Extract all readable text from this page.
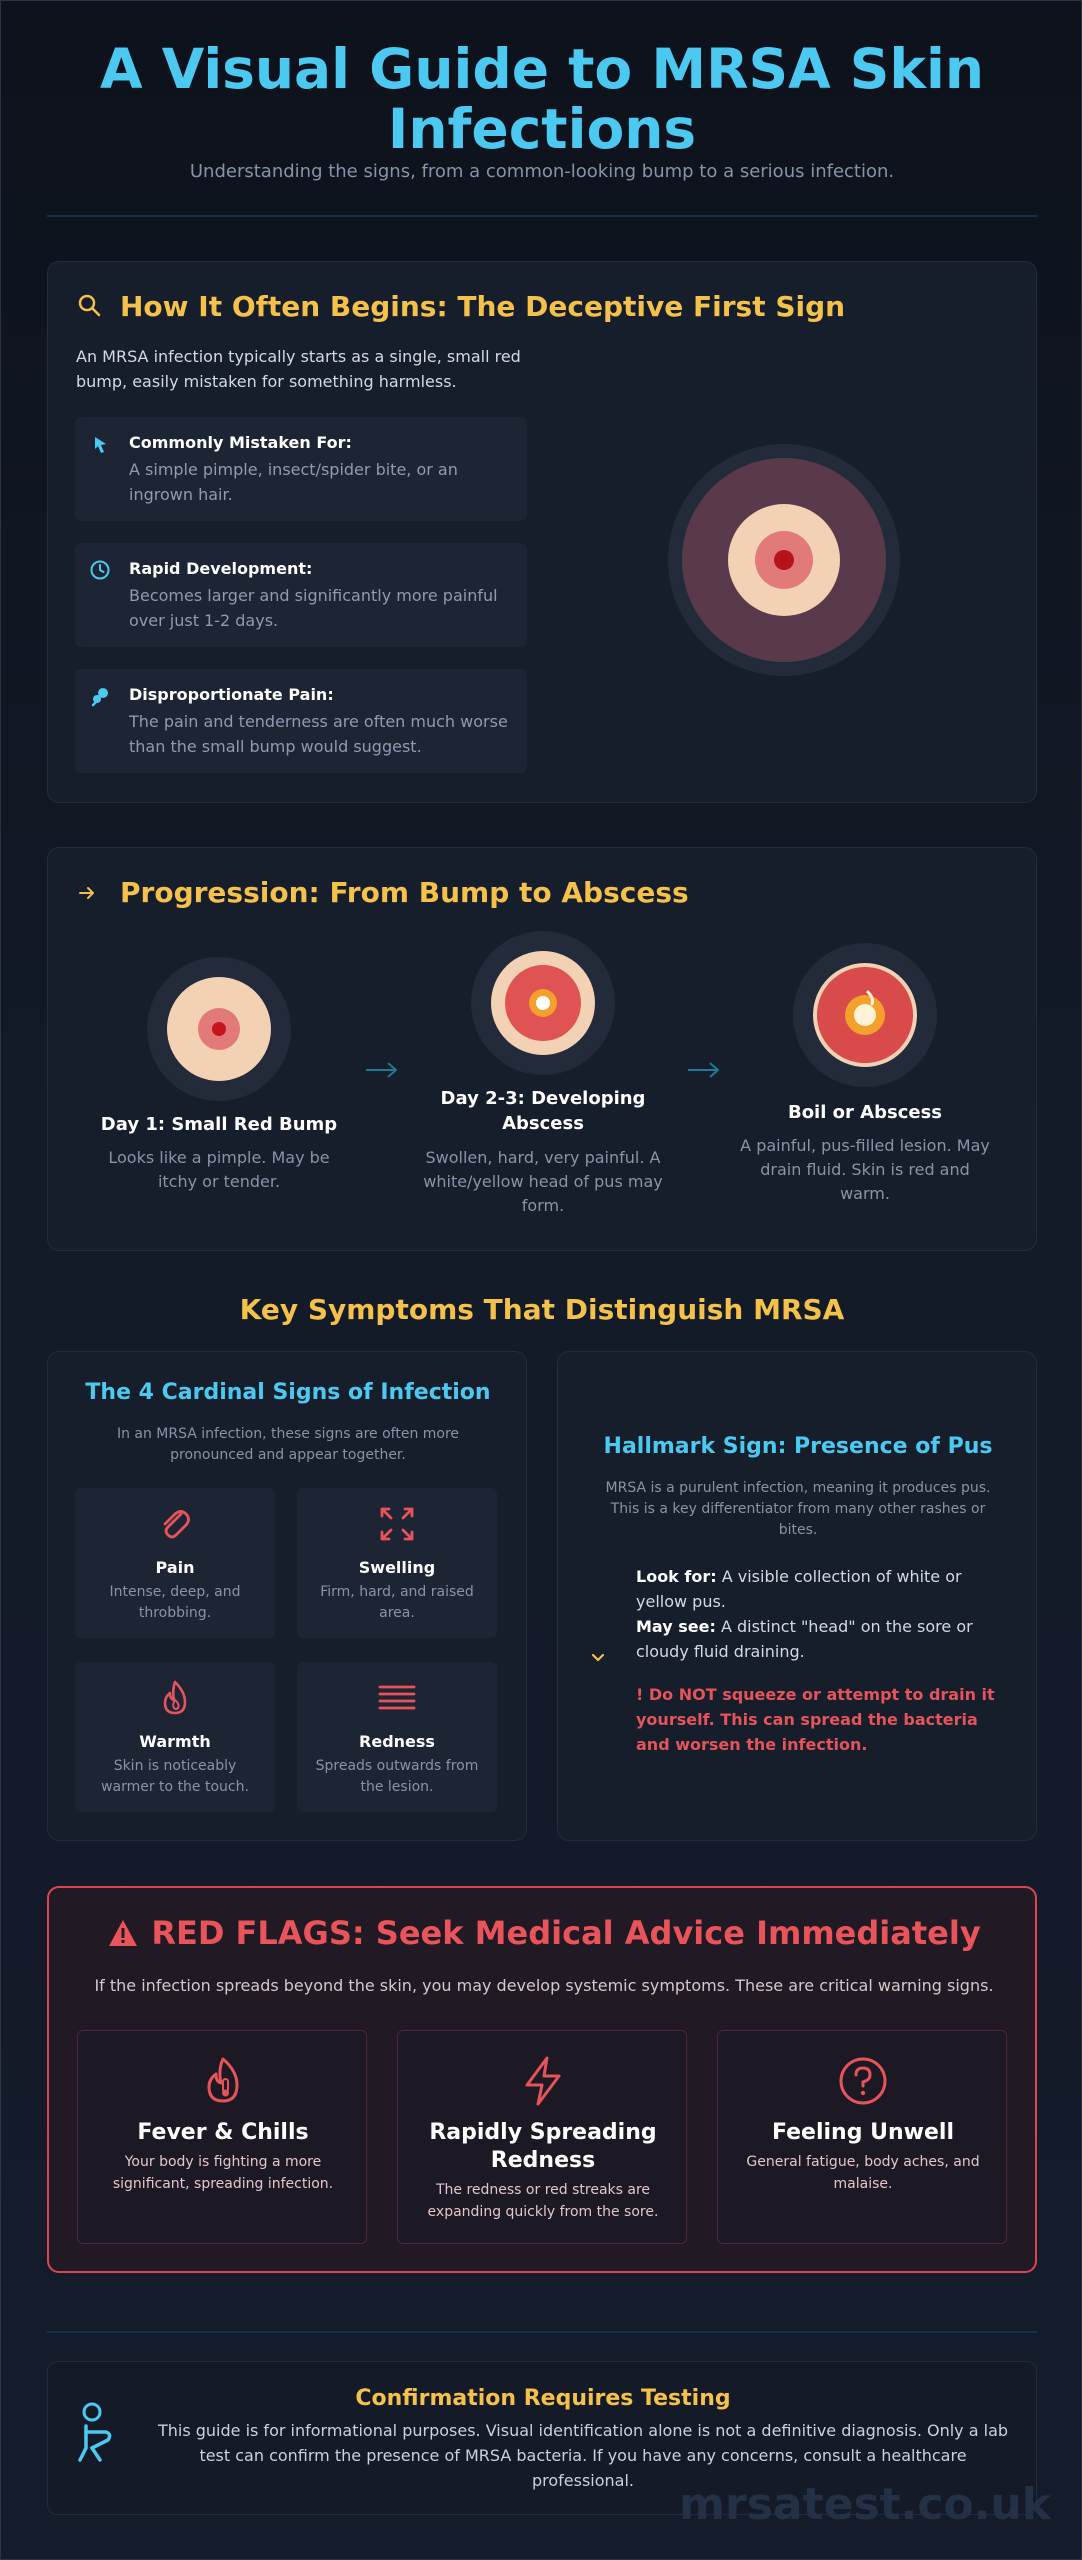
A Visual Guide to MRSA Skin Infections
Understanding the signs, from a common-looking bump to a serious infection.
How It Often Begins: The Deceptive First Sign
An MRSA infection typically starts as a single, small red bump, easily mistaken for something harmless.
Commonly Mistaken For:
A simple pimple, insect/spider bite, or an ingrown hair.
Rapid Development:
Becomes larger and significantly more painful over just 1-2 days.
Disproportionate Pain:
The pain and tenderness are often much worse than the small bump would suggest.
Progression: From Bump to Abscess
Day 1: Small Red Bump
Looks like a pimple. May be itchy or tender.
Day 2-3: Developing Abscess
Swollen, hard, very painful. A white/yellow head of pus may form.
Boil or Abscess
A painful, pus-filled lesion. May drain fluid. Skin is red and warm.
Key Symptoms That Distinguish MRSA
The 4 Cardinal Signs of Infection
In an MRSA infection, these signs are often more pronounced and appear together.
Pain
Intense, deep, and throbbing.
Swelling
Firm, hard, and raised area.
Warmth
Skin is noticeably warmer to the touch.
Redness
Spreads outwards from the lesion.
Hallmark Sign: Presence of Pus
MRSA is a purulent infection, meaning it produces pus. This is a key differentiator from many other rashes or bites.
Look for: A visible collection of white or yellow pus.
May see: A distinct "head" on the sore or cloudy fluid draining.
! Do NOT squeeze or attempt to drain it yourself. This can spread the bacteria and worsen the infection.
RED FLAGS: Seek Medical Advice Immediately
If the infection spreads beyond the skin, you may develop systemic symptoms. These are critical warning signs.
Fever & Chills
Your body is fighting a more significant, spreading infection.
Rapidly Spreading Redness
The redness or red streaks are expanding quickly from the sore.
Feeling Unwell
General fatigue, body aches, and malaise.
Confirmation Requires Testing
This guide is for informational purposes. Visual identification alone is not a definitive diagnosis. Only a lab test can confirm the presence of MRSA bacteria. If you have any concerns, consult a healthcare professional.	mrsatest.co.uk
